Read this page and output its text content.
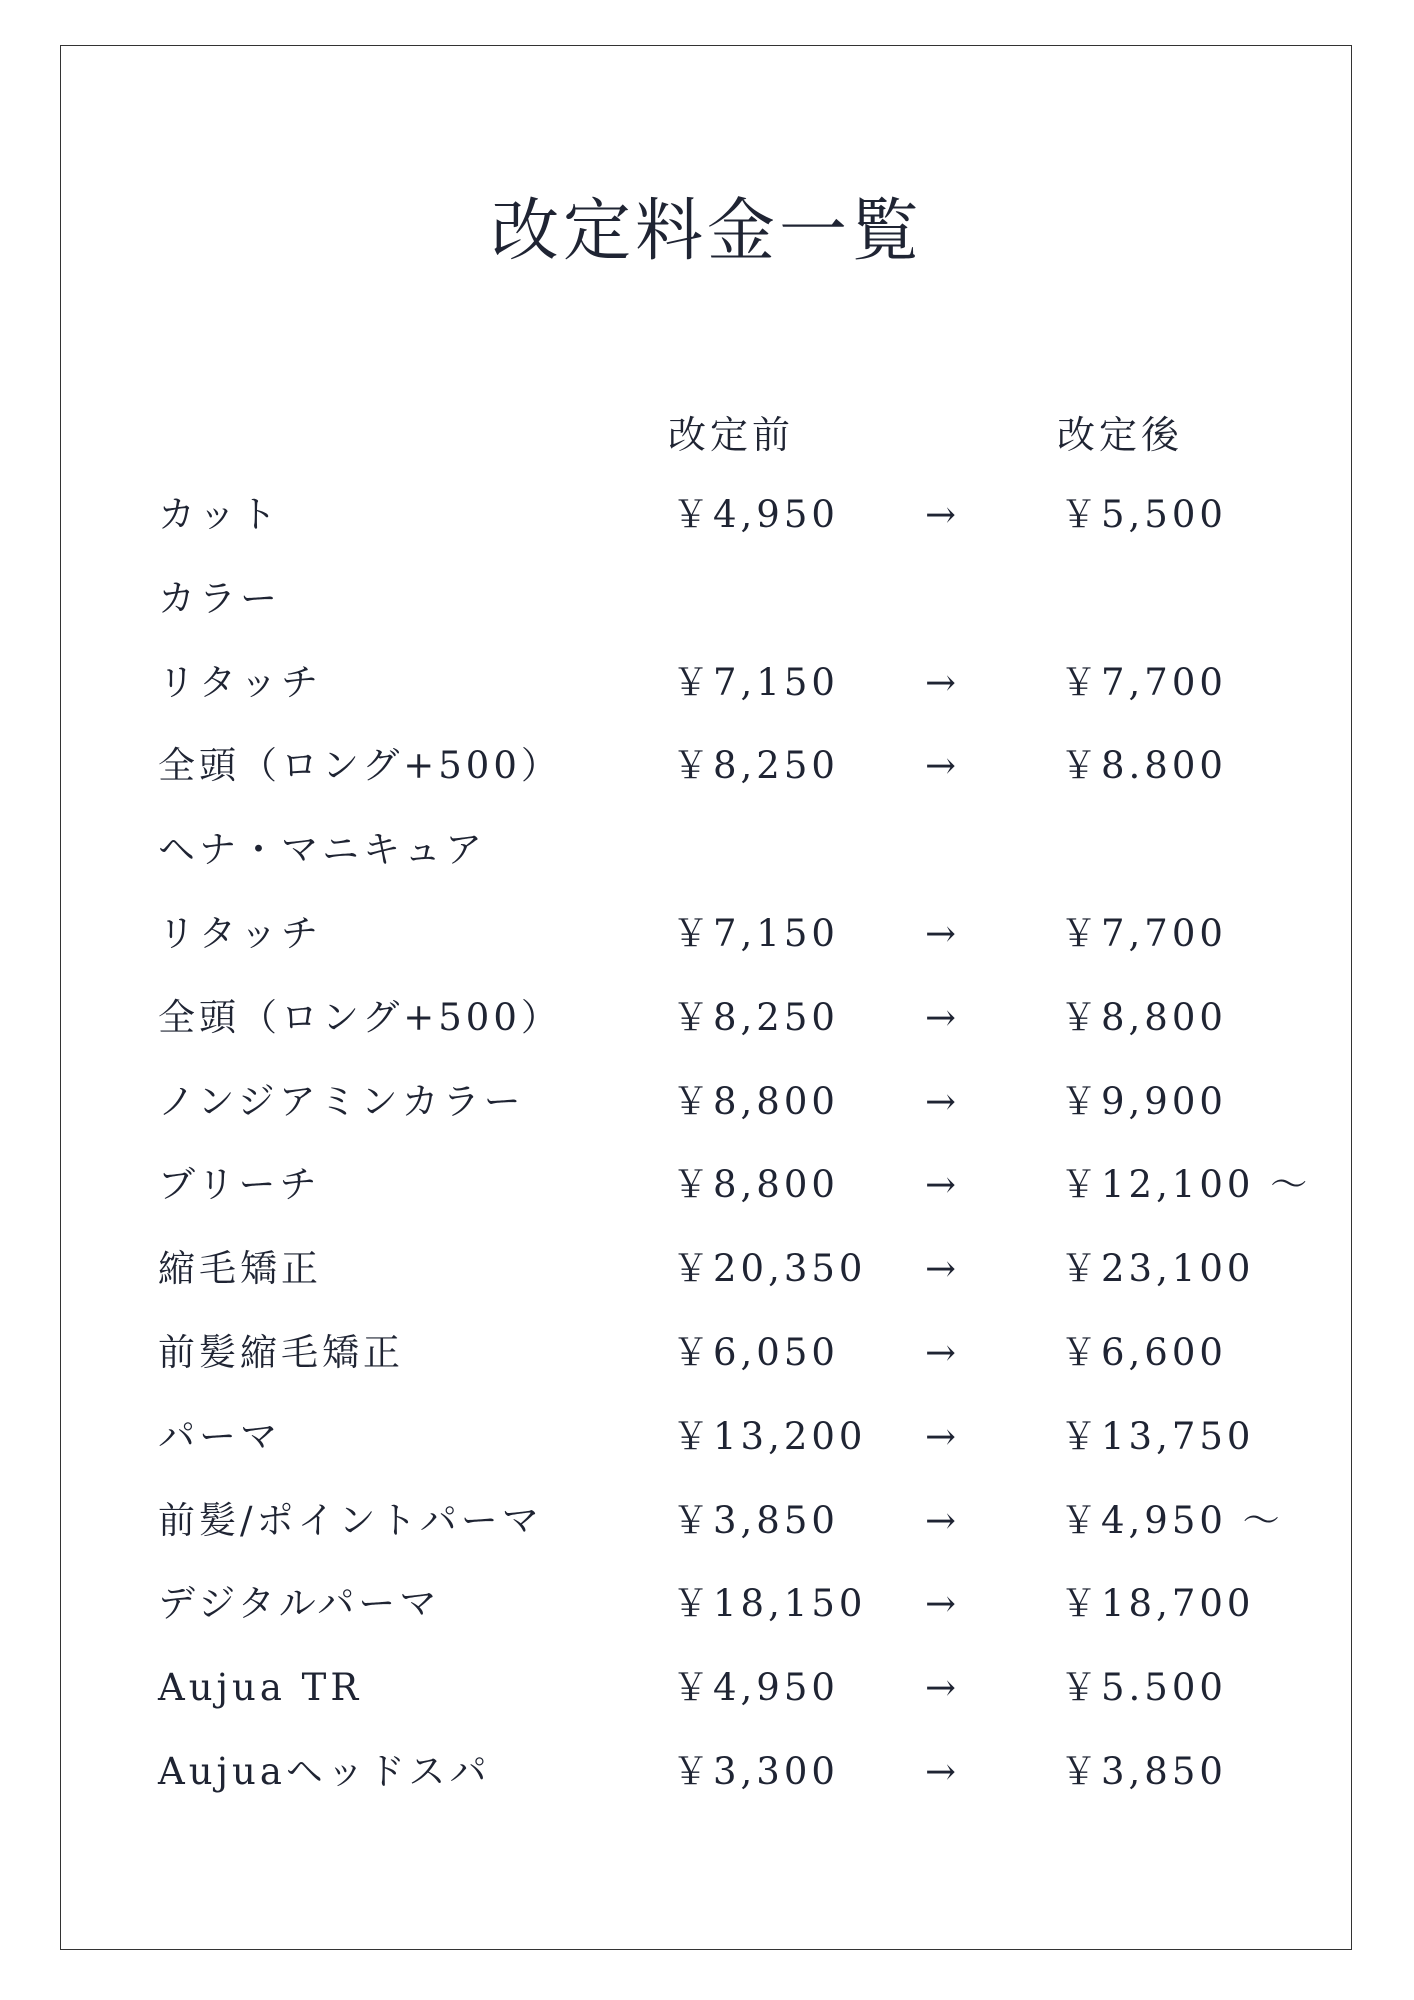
改定料金一覧
改定前	改定後
カット	￥4,950 →	￥5,500
カラー
リタッチ	￥7,150 →	￥7,700
全頭（ロング+500）	￥8,250 →	￥8.800
ヘナ・マニキュア
リタッチ	￥7,150 →	￥7,700
全頭（ロング+500）	￥8,250 →	￥8,800
ノンジアミンカラー	￥8,800 →	￥9,900
ブリーチ	￥8,800 →	￥12,100 〜
縮毛矯正	￥20,350 →	￥23,100
前髪縮毛矯正	￥6,050 →	￥6,600
パーマ	￥13,200 →	￥13,750
前髪/ポイントパーマ	￥3,850 →	￥4,950 〜
デジタルパーマ	￥18,150 →	￥18,700
Aujua TR	￥4,950 →	￥5.500
Aujuaヘッドスパ	￥3,300 →	￥3,850
